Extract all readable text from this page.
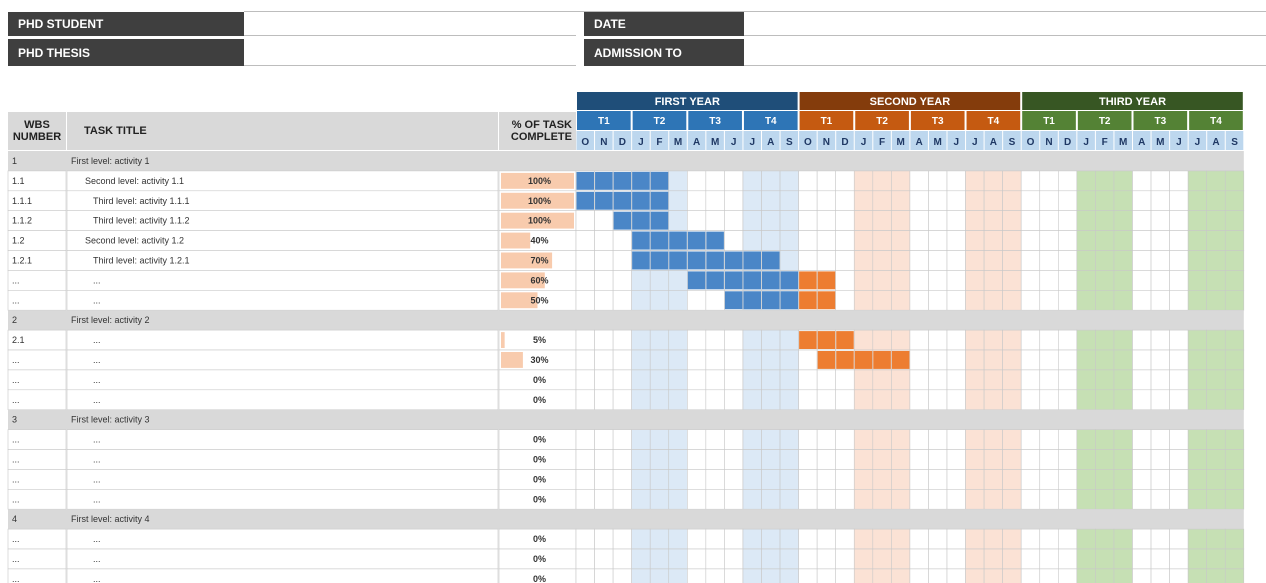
PHD STUDENT
PHD THESIS
DATE
ADMISSION TO
WBS
NUMBER	TASK TITLE	% OF TASK
COMPLETE
FIRST YEAR
T1	T2	T3	T4
O N D J F M A M J J A S
SECOND YEAR
T1	T2	T3	T4
O N D J F M A M J J A S
THIRD YEAR
T1	T2	T3	T4
O N D J F M A M J J A S
1	First level: activity 1
1.1	Second level: activity 1.1	100%
1.1.1	Third level: activity 1.1.1	100%
1.1.2	Third level: activity 1.1.2	100%
1.2	Second level: activity 1.2	40%
1.2.1	Third level: activity 1.2.1	70%
...	...	60%
...	...	50%
2	First level: activity 2
2.1	...	5%
...	...	30%
...	...	0%
...	...	0%
3	First level: activity 3
...	...	0%
...	...	0%
...	...	0%
...	...	0%
4	First level: activity 4
...	...	0%
...	...	0%
...	...	0%
